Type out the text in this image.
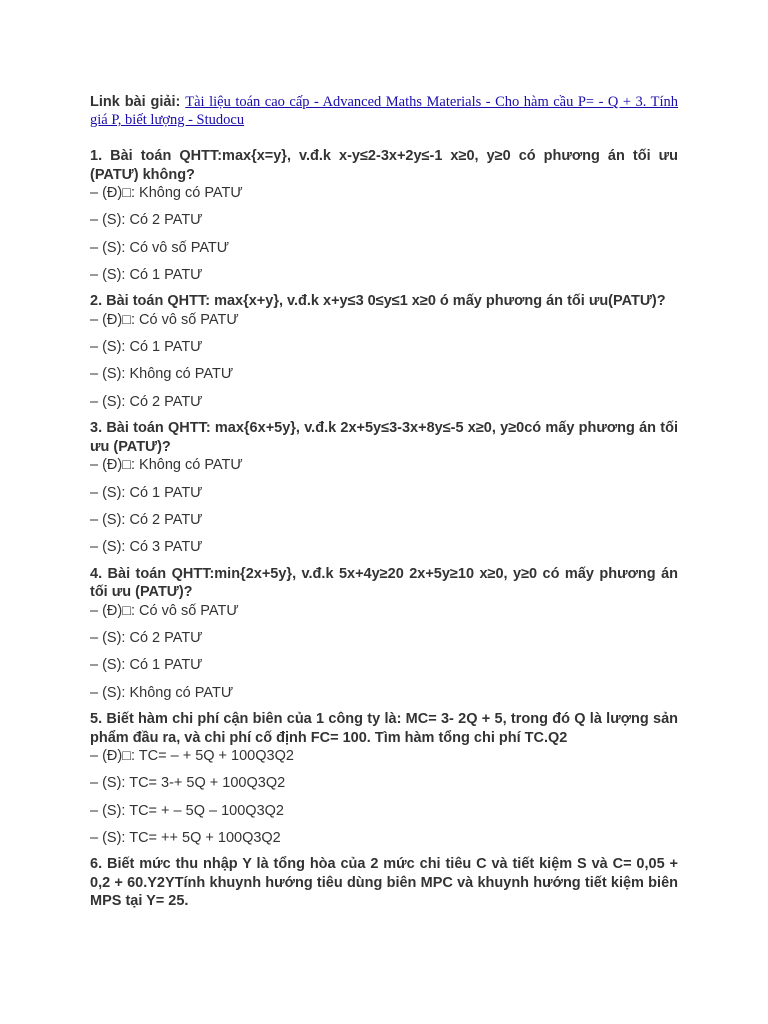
Link bài giải: Tài liệu toán cao cấp - Advanced Maths Materials - Cho hàm cầu P= - Q + 3. Tính giá P, biết lượng - Studocu
1. Bài toán QHTT:max{x=y}, v.đ.k x-y≤2-3x+2y≤-1 x≥0, y≥0 có phương án tối ưu (PATƯ) không?
– (Đ)□: Không có PATƯ
– (S): Có 2 PATƯ
– (S): Có vô số PATƯ
– (S): Có 1 PATƯ
2. Bài toán QHTT: max{x+y}, v.đ.k x+y≤3 0≤y≤1 x≥0 ó mấy phương án tối ưu(PATƯ)?
– (Đ)□: Có vô số PATƯ
– (S): Có 1 PATƯ
– (S): Không có PATƯ
– (S): Có 2 PATƯ
3. Bài toán QHTT: max{6x+5y}, v.đ.k 2x+5y≤3-3x+8y≤-5 x≥0, y≥0có mấy phương án tối ưu (PATƯ)?
– (Đ)□: Không có PATƯ
– (S): Có 1 PATƯ
– (S): Có 2 PATƯ
– (S): Có 3 PATƯ
4. Bài toán QHTT:min{2x+5y}, v.đ.k 5x+4y≥20 2x+5y≥10 x≥0, y≥0 có mấy phương án tối ưu (PATƯ)?
– (Đ)□: Có vô số PATƯ
– (S): Có 2 PATƯ
– (S): Có 1 PATƯ
– (S): Không có PATƯ
5. Biết hàm chi phí cận biên của 1 công ty là: MC= 3- 2Q + 5, trong đó Q là lượng sản phẩm đầu ra, và chi phí cố định FC= 100. Tìm hàm tổng chi phí TC.Q2
– (Đ)□: TC= – + 5Q + 100Q3Q2
– (S): TC= 3-+ 5Q + 100Q3Q2
– (S): TC= + – 5Q – 100Q3Q2
– (S): TC= ++ 5Q + 100Q3Q2
6. Biết mức thu nhập Y là tổng hòa của 2 mức chi tiêu C và tiết kiệm S và C= 0,05 + 0,2 + 60.Y2YTính khuynh hướng tiêu dùng biên MPC và khuynh hướng tiết kiệm biên MPS tại Y= 25.
